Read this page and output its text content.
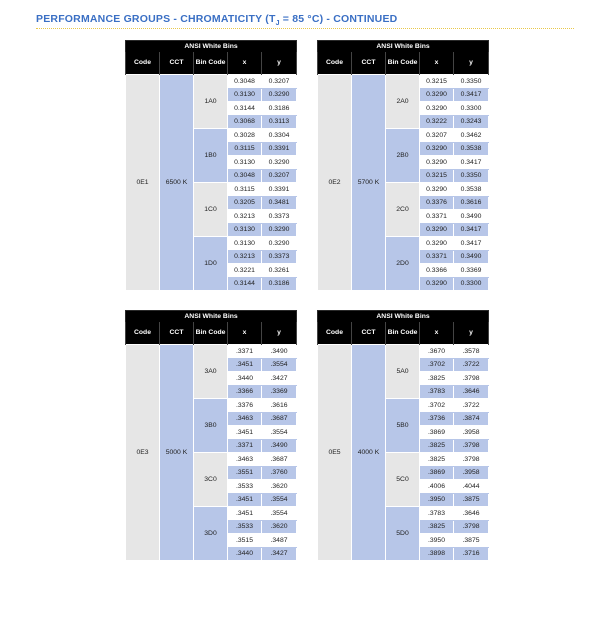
PERFORMANCE GROUPS - CHROMATICITY ($T_J = 85$ °C) - CONTINUED
ANSI White Bins				
Code	CCT	Bin Code	x	y
0E1	6500 K	1A0	0.3048	0.3207
			0.3130	0.3290
			0.3144	0.3186
			0.3068	0.3113
		1B0	0.3028	0.3304
			0.3115	0.3391
			0.3130	0.3290
			0.3048	0.3207
		1C0	0.3115	0.3391
			0.3205	0.3481
			0.3213	0.3373
			0.3130	0.3290
		1D0	0.3130	0.3290
			0.3213	0.3373
			0.3221	0.3261
			0.3144	0.3186
ANSI White Bins				
Code	CCT	Bin Code	x	y
0E2	5700 K	2A0	0.3215	0.3350
			0.3290	0.3417
			0.3290	0.3300
			0.3222	0.3243
		2B0	0.3207	0.3462
			0.3290	0.3538
			0.3290	0.3417
			0.3215	0.3350
		2C0	0.3290	0.3538
			0.3376	0.3616
			0.3371	0.3490
			0.3290	0.3417
		2D0	0.3290	0.3417
			0.3371	0.3490
			0.3366	0.3369
			0.3290	0.3300
ANSI White Bins				
Code	CCT	Bin Code	x	y
0E3	5000 K	3A0	.3371	.3490
			.3451	.3554
			.3440	.3427
			.3366	.3369
		3B0	.3376	.3616
			.3463	.3687
			.3451	.3554
			.3371	.3490
		3C0	.3463	.3687
			.3551	.3760
			.3533	.3620
			.3451	.3554
		3D0	.3451	.3554
			.3533	.3620
			.3515	.3487
			.3440	.3427
ANSI White Bins				
Code	CCT	Bin Code	x	y
0E5	4000 K	5A0	.3670	.3578
			.3702	.3722
			.3825	.3798
			.3783	.3646
		5B0	.3702	.3722
			.3736	.3874
			.3869	.3958
			.3825	.3798
		5C0	.3825	.3798
			.3869	.3958
			.4006	.4044
			.3950	.3875
		5D0	.3783	.3646
			.3825	.3798
			.3950	.3875
			.3898	.3716
